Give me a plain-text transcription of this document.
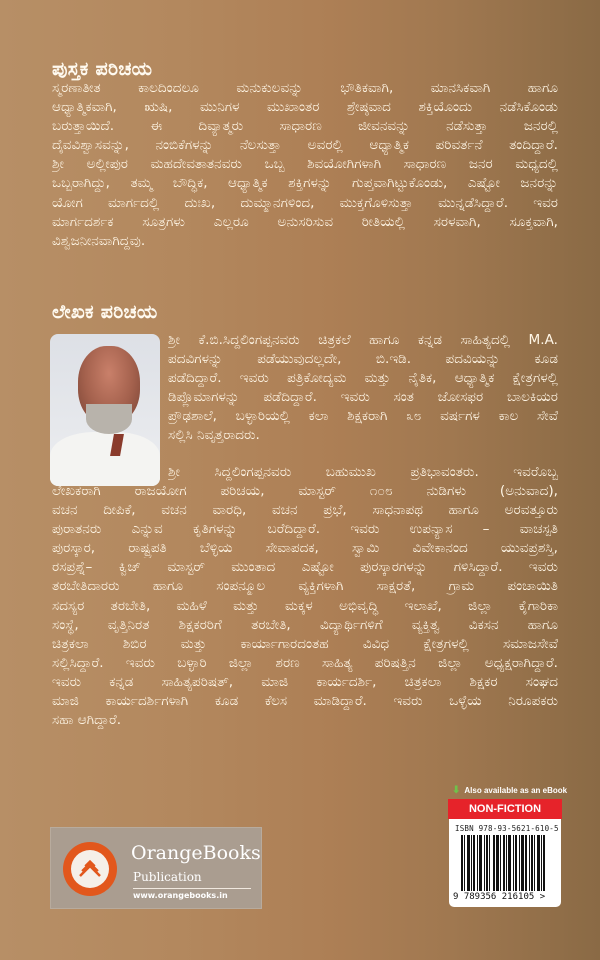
ಪುಸ್ತಕ ಪರಿಚಯ
ಸ್ಮರಣಾತೀತ ಕಾಲದಿಂದಲೂ ಮನುಕುಲವನ್ನು ಭೌತಿಕವಾಗಿ, ಮಾನಸಿಕವಾಗಿ ಹಾಗೂ
ಆಧ್ಯಾತ್ಮಿಕವಾಗಿ, ಋಷಿ, ಮುನಿಗಳ ಮುಖಾಂತರ ಶ್ರೇಷ್ಠವಾದ ಶಕ್ತಿಯೊಂದು ನಡೆಸಿಕೊಂಡು
ಬರುತ್ತಾಯಿದೆ. ಈ ದಿವ್ಯಾತ್ಮರು ಸಾಧಾರಣ ಜೀವನವನ್ನು ನಡೆಸುತ್ತಾ ಜನರಲ್ಲಿ
ದೈವವಿಶ್ವಾಸವನ್ನು, ನಂಬಿಕೆಗಳನ್ನು ನೆಲಸುತ್ತಾ ಅವರಲ್ಲಿ ಆಧ್ಯಾತ್ಮಿಕ ಪರಿವರ್ತನೆ ತಂದಿದ್ದಾರೆ.
ಶ್ರೀ ಅಲ್ಲೀಪುರ ಮಹದೇವತಾತನವರು ಒಬ್ಬ ಶಿವಯೋಗಿಗಳಾಗಿ ಸಾಧಾರಣ ಜನರ ಮಧ್ಯದಲ್ಲಿ
ಒಬ್ಬರಾಗಿದ್ದು, ತಮ್ಮ ಬೌದ್ಧಿಕ, ಆಧ್ಯಾತ್ಮಿಕ ಶಕ್ತಿಗಳನ್ನು ಗುಪ್ತವಾಗಿಟ್ಟುಕೊಂಡು, ಎಷ್ಟೋ ಜನರನ್ನು
ಯೋಗ ಮಾರ್ಗದಲ್ಲಿ ದುಃಖ, ದುಮ್ಮಾನಗಳಿಂದ, ಮುಕ್ತಗೊಳಿಸುತ್ತಾ ಮುನ್ನಡೆಸಿದ್ದಾರೆ. ಇವರ
ಮಾರ್ಗದರ್ಶಕ ಸೂತ್ರಗಳು ಎಲ್ಲರೂ ಅನುಸರಿಸುವ ರೀತಿಯಲ್ಲಿ ಸರಳವಾಗಿ, ಸೂಕ್ತವಾಗಿ,
ವಿಶ್ವಜನೀನವಾಗಿದ್ದವು.
ಲೇಖಕ ಪರಿಚಯ
ಶ್ರೀ ಕೆ.ಬಿ.ಸಿದ್ದಲಿಂಗಪ್ಪನವರು ಚಿತ್ರಕಲೆ ಹಾಗೂ ಕನ್ನಡ ಸಾಹಿತ್ಯದಲ್ಲಿ M.A.
ಪದವಿಗಳನ್ನು ಪಡೆಯುವುದಲ್ಲದೇ, ಬಿ.ಇಡಿ. ಪದವಿಯನ್ನು ಕೂಡ
ಪಡೆದಿದ್ದಾರೆ. ಇವರು ಪತ್ರಿಕೋದ್ಯಮ ಮತ್ತು ನೈತಿಕ, ಆಧ್ಯಾತ್ಮಿಕ ಕ್ಷೇತ್ರಗಳಲ್ಲಿ
ಡಿಪ್ಲೊಮಾಗಳನ್ನು ಪಡೆದಿದ್ದಾರೆ. ಇವರು ಸಂತ ಜೋಸಫರ ಬಾಲಕಿಯರ
ಪ್ರೌಢಶಾಲೆ, ಬಳ್ಳಾರಿಯಲ್ಲಿ ಕಲಾ ಶಿಕ್ಷಕರಾಗಿ ೩೮ ವರ್ಷಗಳ ಕಾಲ ಸೇವೆ
ಸಲ್ಲಿಸಿ ನಿವೃತ್ತರಾದರು.
ಶ್ರೀ ಸಿದ್ದಲಿಂಗಪ್ಪನವರು ಬಹುಮುಖ ಪ್ರತಿಭಾವಂತರು. ಇವರೊಬ್ಬ
ಲೇಖಕರಾಗಿ ರಾಜಯೋಗ ಪರಿಚಯ, ಮಾಸ್ಟರ್ ೧೦೮ ನುಡಿಗಳು (ಅನುವಾದ),
ವಚನ ದೀಪಿಕೆ, ವಚನ ವಾರಧಿ, ವಚನ ಪ್ರಭೆ, ಸಾಧನಾಪಥ ಹಾಗೂ ಅರವತ್ತೂರು
ಪುರಾತನರು ಎನ್ನುವ ಕೃತಿಗಳನ್ನು ಬರೆದಿದ್ದಾರೆ. ಇವರು ಉಪನ್ಯಾಸ – ವಾಚಸ್ಪತಿ
ಪುರಸ್ಕಾರ, ರಾಷ್ಟ್ರಪತಿ ಬೆಳ್ಳಿಯ ಸೇವಾಪದಕ, ಸ್ವಾಮಿ ವಿವೇಕಾನಂದ ಯುವಪ್ರಶಸ್ತಿ,
ರಸಪ್ರಶ್ನೆ– ಕ್ವಿಜ್ ಮಾಸ್ಟರ್ ಮುಂತಾದ ಎಷ್ಟೋ ಪುರಸ್ಕಾರಗಳನ್ನು ಗಳಿಸಿದ್ದಾರೆ. ಇವರು
ತರಬೇತಿದಾರರು ಹಾಗೂ ಸಂಪನ್ಮೂಲ ವ್ಯಕ್ತಿಗಳಾಗಿ ಸಾಕ್ಷರತೆ, ಗ್ರಾಮ ಪಂಚಾಯಿತಿ
ಸದಸ್ಯರ ತರಬೇತಿ, ಮಹಿಳೆ ಮತ್ತು ಮಕ್ಕಳ ಅಭಿವೃದ್ಧಿ ಇಲಾಖೆ, ಜಿಲ್ಲಾ ಕೈಗಾರಿಕಾ
ಸಂಸ್ಥೆ, ವೃತ್ತಿನಿರತ ಶಿಕ್ಷಕರರಿಗೆ ತರಬೇತಿ, ವಿದ್ಯಾರ್ಥಿಗಳಿಗೆ ವ್ಯಕ್ತಿತ್ವ ವಿಕಸನ ಹಾಗೂ
ಚಿತ್ರಕಲಾ ಶಿಬಿರ ಮತ್ತು ಕಾರ್ಯಾಗಾರದಂತಹ ವಿವಿಧ ಕ್ಷೇತ್ರಗಳಲ್ಲಿ ಸಮಾಜಸೇವೆ
ಸಲ್ಲಿಸಿದ್ದಾರೆ. ಇವರು ಬಳ್ಳಾರಿ ಜಿಲ್ಲಾ ಶರಣ ಸಾಹಿತ್ಯ ಪರಿಷತ್ತಿನ ಜಿಲ್ಲಾ ಅಧ್ಯಕ್ಷರಾಗಿದ್ದಾರೆ.
ಇವರು ಕನ್ನಡ ಸಾಹಿತ್ಯಪರಿಷತ್, ಮಾಜಿ ಕಾರ್ಯದರ್ಶಿ, ಚಿತ್ರಕಲಾ ಶಿಕ್ಷಕರ ಸಂಘದ
ಮಾಜಿ ಕಾರ್ಯದರ್ಶಿಗಳಾಗಿ ಕೂಡ ಕೆಲಸ ಮಾಡಿದ್ದಾರೆ. ಇವರು ಒಳ್ಳೆಯ ನಿರೂಪಕರು
ಸಹಾ ಆಗಿದ್ದಾರೆ.
OrangeBooks
Publication
www.orangebooks.in
⬇ Also available as an eBook
NON-FICTION
ISBN 978-93-5621-610-5
9 789356 216105 >
